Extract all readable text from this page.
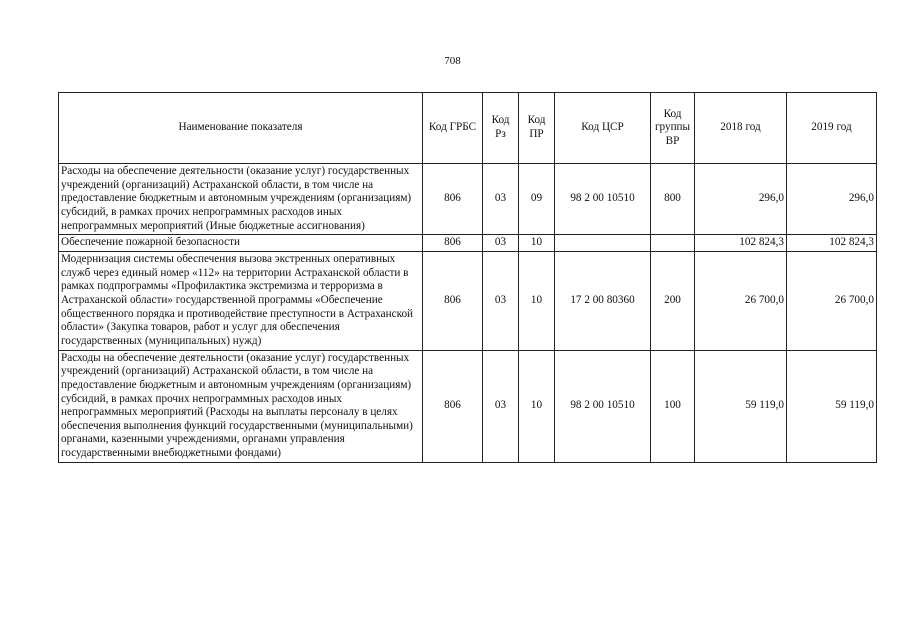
708
Наименование показателя	Код ГРБС	Код Рз	Код ПР	Код ЦСР	Код группы ВР	2018 год	2019 год
Расходы на обеспечение деятельности (оказание услуг) государственных учреждений (организаций) Астраханской области, в том числе на предоставление бюджетным и автономным учреждениям (организациям) субсидий, в рамках прочих непрограммных расходов иных непрограммных мероприятий (Иные бюджетные ассигнования)	806	03	09	98 2 00 10510	800	296,0	296,0
Обеспечение пожарной безопасности	806	03	10			102 824,3	102 824,3
Модернизация системы обеспечения вызова экстренных оперативных служб через единый номер «112» на территории Астраханской области в рамках подпрограммы «Профилактика экстремизма и терроризма в Астраханской области» государственной программы «Обеспечение общественного порядка и противодействие преступности в Астраханской области» (Закупка товаров, работ и услуг для обеспечения государственных (муниципальных) нужд)	806	03	10	17 2 00 80360	200	26 700,0	26 700,0
Расходы на обеспечение деятельности (оказание услуг) государственных учреждений (организаций) Астраханской области, в том числе на предоставление бюджетным и автономным учреждениям (организациям) субсидий, в рамках прочих непрограммных расходов иных непрограммных мероприятий (Расходы на выплаты персоналу в целях обеспечения выполнения функций государственными (муниципальными) органами, казенными учреждениями, органами управления государственными внебюджетными фондами)	806	03	10	98 2 00 10510	100	59 119,0	59 119,0
